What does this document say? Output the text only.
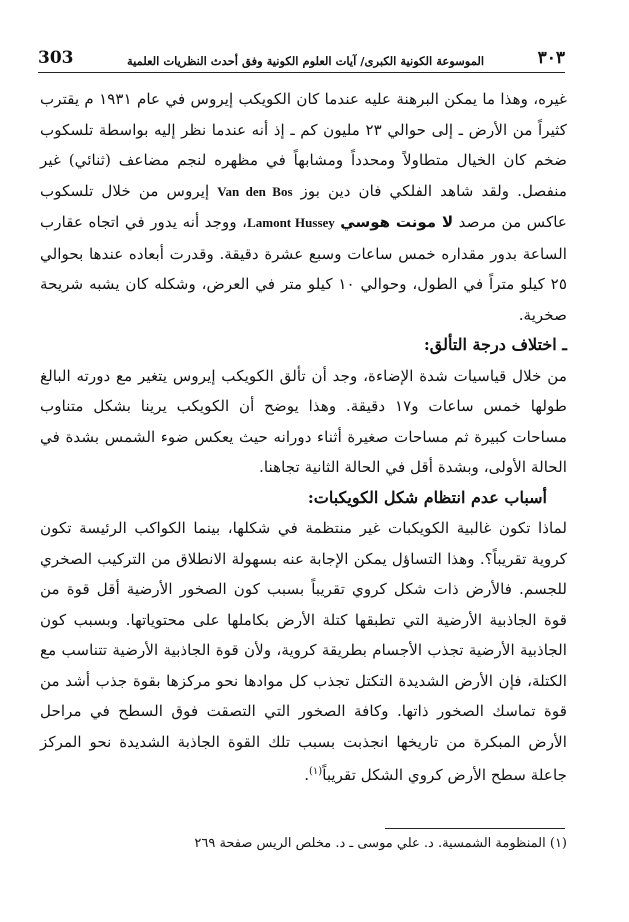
303	الموسوعة الكونية الكبرى/ آيات العلوم الكونية وفق أحدث النظريات العلمية	٣٠٣

غيره، وهذا ما يمكن البرهنة عليه عندما كان الكويكب إيروس في عام ١٩٣١ م يقترب كثيراً من الأرض ـ إلى حوالي ٢٣ مليون كم ـ إذ أنه عندما نظر إليه بواسطة تلسكوب ضخم كان الخيال متطاولاً ومحدداً ومشابهاً في مظهره لنجم مضاعف (ثنائي) غير منفصل. ولقد شاهد الفلكي فان دين بوز Van den Bos إيروس من خلال تلسكوب عاكس من مرصد لا مونت هوسي Lamont Hussey، ووجد أنه يدور في اتجاه عقارب الساعة بدور مقداره خمس ساعات وسبع عشرة دقيقة. وقدرت أبعاده عندها بحوالي ٢٥ كيلو متراً في الطول، وحوالي ١٠ كيلو متر في العرض، وشكله كان يشبه شريحة صخرية.

ـ اختلاف درجة التألق:

من خلال قياسيات شدة الإضاءة، وجد أن تألق الكويكب إيروس يتغير مع دورته البالغ طولها خمس ساعات و١٧ دقيقة. وهذا يوضح أن الكويكب يرينا بشكل متناوب مساحات كبيرة ثم مساحات صغيرة أثناء دورانه حيث يعكس ضوء الشمس بشدة في الحالة الأولى، وبشدة أقل في الحالة الثانية تجاهنا.

أسباب عدم انتظام شكل الكويكبات:

لماذا تكون غالبية الكويكبات غير منتظمة في شكلها، بينما الكواكب الرئيسة تكون كروية تقريباً؟. وهذا التساؤل يمكن الإجابة عنه بسهولة الانطلاق من التركيب الصخري للجسم. فالأرض ذات شكل كروي تقريباً بسبب كون الصخور الأرضية أقل قوة من قوة الجاذبية الأرضية التي تطبقها كتلة الأرض بكاملها على محتوياتها. وبسبب كون الجاذبية الأرضية تجذب الأجسام بطريقة كروية، ولأن قوة الجاذبية الأرضية تتناسب مع الكتلة، فإن الأرض الشديدة التكتل تجذب كل موادها نحو مركزها بقوة جذب أشد من قوة تماسك الصخور ذاتها. وكافة الصخور التي التصقت فوق السطح في مراحل الأرض المبكرة من تاريخها انجذبت بسبب تلك القوة الجاذبة الشديدة نحو المركز جاعلة سطح الأرض كروي الشكل تقريباً$^{(١)}$.

(١) المنظومة الشمسية. د. علي موسى ـ د. مخلص الريس صفحة ٢٦٩
